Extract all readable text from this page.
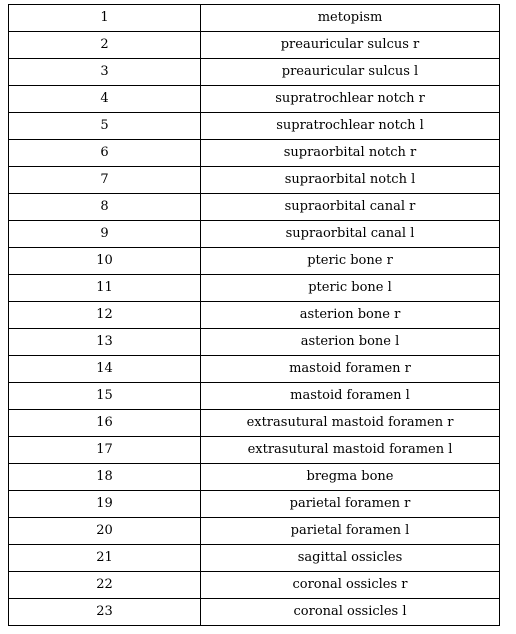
1	metopism
2	preauricular sulcus r
3	preauricular sulcus l
4	supratrochlear notch r
5	supratrochlear notch l
6	supraorbital notch r
7	supraorbital notch l
8	supraorbital canal r
9	supraorbital canal l
10	pteric bone r
11	pteric bone l
12	asterion bone r
13	asterion bone l
14	mastoid foramen r
15	mastoid foramen l
16	extrasutural mastoid foramen r
17	extrasutural mastoid foramen l
18	bregma bone
19	parietal foramen r
20	parietal foramen l
21	sagittal ossicles
22	coronal ossicles r
23	coronal ossicles l
